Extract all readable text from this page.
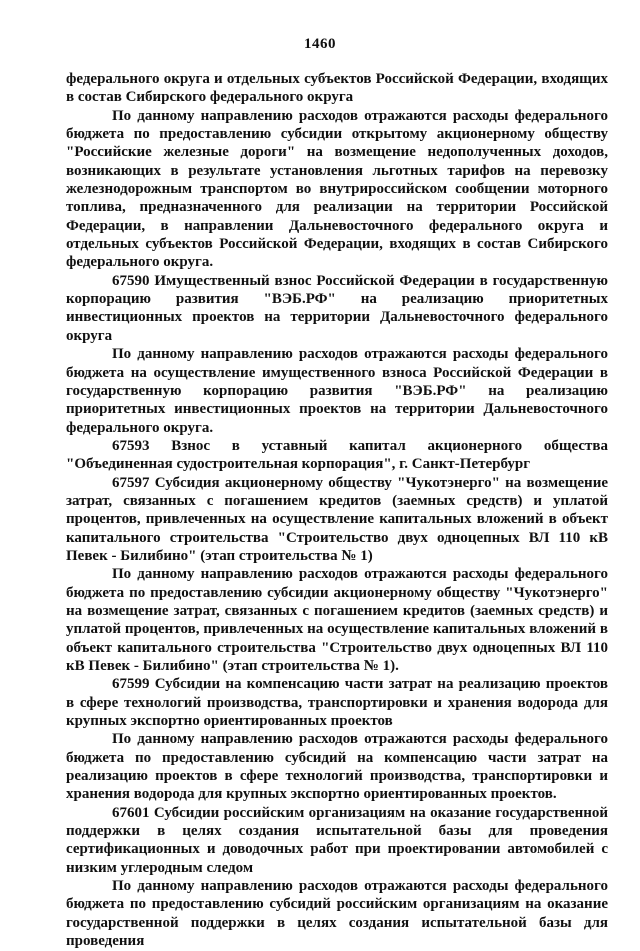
1460

федерального округа и отдельных субъектов Российской Федерации, входящих в состав Сибирского федерального округа

По данному направлению расходов отражаются расходы федерального бюджета по предоставлению субсидии открытому акционерному обществу "Российские железные дороги" на возмещение недополученных доходов, возникающих в результате установления льготных тарифов на перевозку железнодорожным транспортом во внутрироссийском сообщении моторного топлива, предназначенного для реализации на территории Российской Федерации, в направлении Дальневосточного федерального округа и отдельных субъектов Российской Федерации, входящих в состав Сибирского федерального округа.

67590 Имущественный взнос Российской Федерации в государственную корпорацию развития "ВЭБ.РФ" на реализацию приоритетных инвестиционных проектов на территории Дальневосточного федерального округа

По данному направлению расходов отражаются расходы федерального бюджета на осуществление имущественного взноса Российской Федерации в государственную корпорацию развития "ВЭБ.РФ" на реализацию приоритетных инвестиционных проектов на территории Дальневосточного федерального округа.

67593 Взнос в уставный капитал акционерного общества "Объединенная судостроительная корпорация", г. Санкт-Петербург

67597 Субсидия акционерному обществу "Чукотэнерго" на возмещение затрат, связанных с погашением кредитов (заемных средств) и уплатой процентов, привлеченных на осуществление капитальных вложений в объект капитального строительства "Строительство двух одноцепных ВЛ 110 кВ Певек - Билибино" (этап строительства № 1)

По данному направлению расходов отражаются расходы федерального бюджета по предоставлению субсидии акционерному обществу "Чукотэнерго" на возмещение затрат, связанных с погашением кредитов (заемных средств) и уплатой процентов, привлеченных на осуществление капитальных вложений в объект капитального строительства "Строительство двух одноцепных ВЛ 110 кВ Певек - Билибино" (этап строительства № 1).

67599 Субсидии на компенсацию части затрат на реализацию проектов в сфере технологий производства, транспортировки и хранения водорода для крупных экспортно ориентированных проектов

По данному направлению расходов отражаются расходы федерального бюджета по предоставлению субсидий на компенсацию части затрат на реализацию проектов в сфере технологий производства, транспортировки и хранения водорода для крупных экспортно ориентированных проектов.

67601 Субсидии российским организациям на оказание государственной поддержки в целях создания испытательной базы для проведения сертификационных и доводочных работ при проектировании автомобилей с низким углеродным следом

По данному направлению расходов отражаются расходы федерального бюджета по предоставлению субсидий российским организациям на оказание государственной поддержки в целях создания испытательной базы для проведения
